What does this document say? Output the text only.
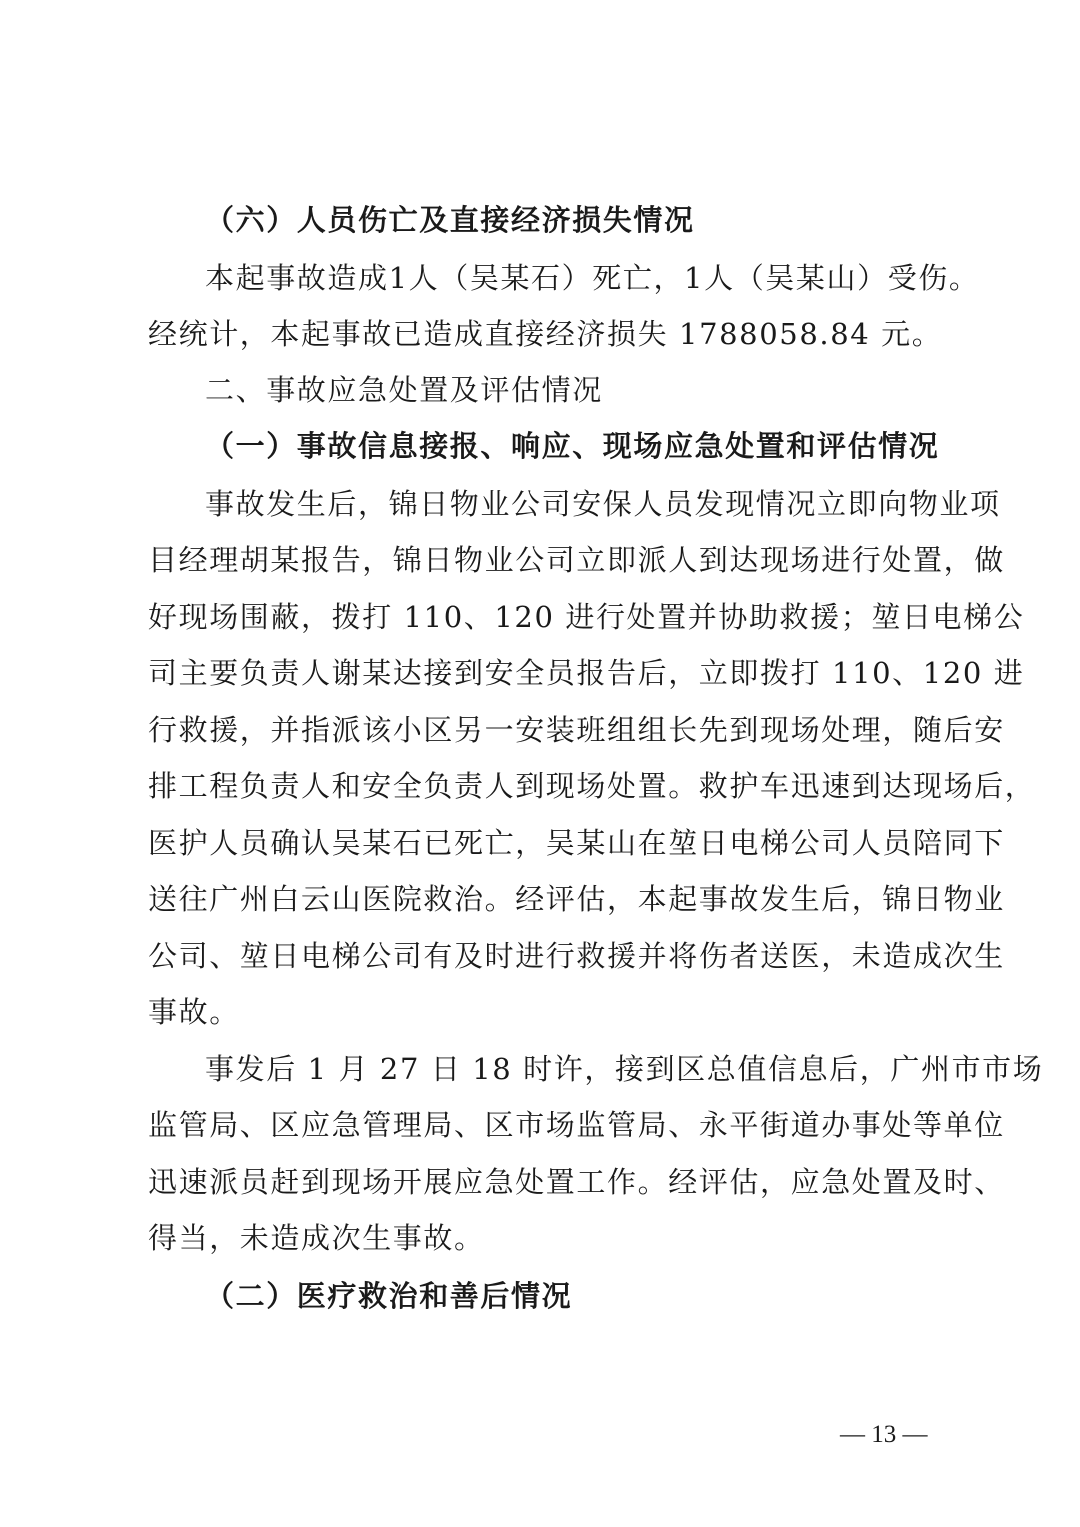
（六）人员伤亡及直接经济损失情况
本起事故造成1人（吴某石）死亡，1人（吴某山）受伤。
经统计，本起事故已造成直接经济损失 1788058.84 元。
二、事故应急处置及评估情况
（一）事故信息接报、响应、现场应急处置和评估情况
事故发生后，锦日物业公司安保人员发现情况立即向物业项
目经理胡某报告，锦日物业公司立即派人到达现场进行处置，做
好现场围蔽，拨打 110、120 进行处置并协助救援；堃日电梯公
司主要负责人谢某达接到安全员报告后，立即拨打 110、120 进
行救援，并指派该小区另一安装班组组长先到现场处理，随后安
排工程负责人和安全负责人到现场处置。救护车迅速到达现场后，
医护人员确认吴某石已死亡，吴某山在堃日电梯公司人员陪同下
送往广州白云山医院救治。经评估，本起事故发生后，锦日物业
公司、堃日电梯公司有及时进行救援并将伤者送医，未造成次生
事故。
事发后 1 月 27 日 18 时许，接到区总值信息后，广州市市场
监管局、区应急管理局、区市场监管局、永平街道办事处等单位
迅速派员赶到现场开展应急处置工作。经评估，应急处置及时、
得当，未造成次生事故。
（二）医疗救治和善后情况
— 13 —
